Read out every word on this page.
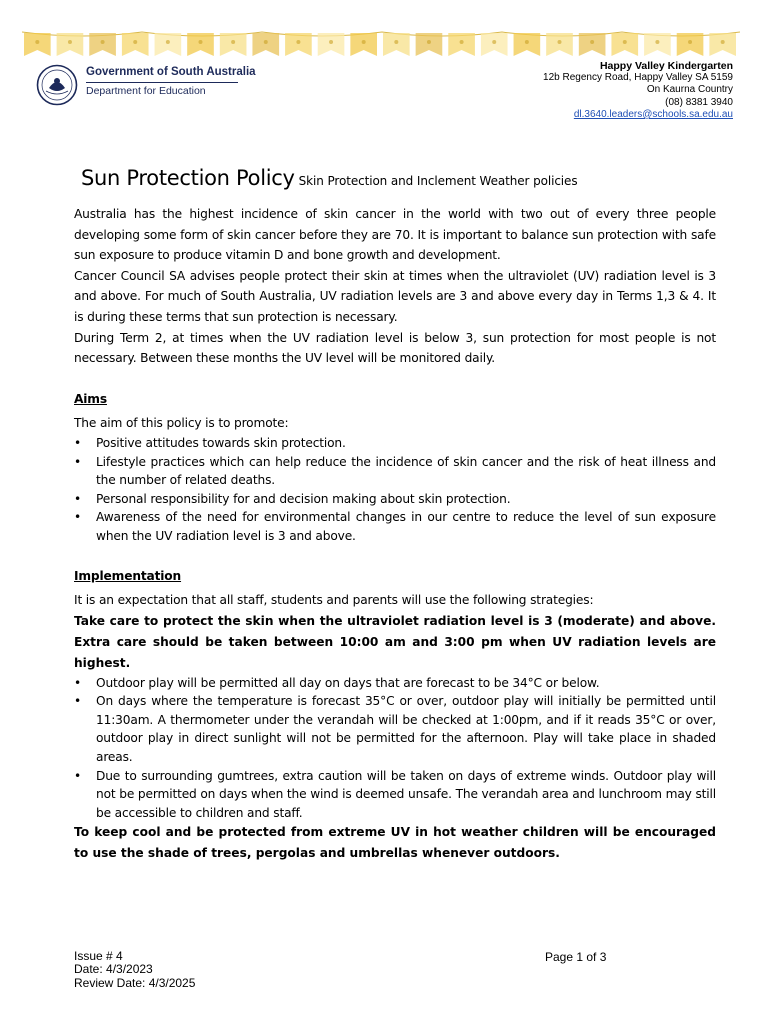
Government of South Australia
Department for Education
Happy Valley Kindergarten
12b Regency Road, Happy Valley SA 5159
On Kaurna Country
(08) 8381 3940
dl.3640.leaders@schools.sa.edu.au
Sun Protection Policy Skin Protection and Inclement Weather policies

Australia has the highest incidence of skin cancer in the world with two out of every three people developing some form of skin cancer before they are 70. It is important to balance sun protection with safe sun exposure to produce vitamin D and bone growth and development.

Cancer Council SA advises people protect their skin at times when the ultraviolet (UV) radiation level is 3 and above. For much of South Australia, UV radiation levels are 3 and above every day in Terms 1,3 & 4. It is during these terms that sun protection is necessary.

During Term 2, at times when the UV radiation level is below 3, sun protection for most people is not necessary. Between these months the UV level will be monitored daily.

Aims

The aim of this policy is to promote:

• Positive attitudes towards skin protection.
• Lifestyle practices which can help reduce the incidence of skin cancer and the risk of heat illness and the number of related deaths.
• Personal responsibility for and decision making about skin protection.
• Awareness of the need for environmental changes in our centre to reduce the level of sun exposure when the UV radiation level is 3 and above.
Implementation

It is an expectation that all staff, students and parents will use the following strategies:

Take care to protect the skin when the ultraviolet radiation level is 3 (moderate) and above. Extra care should be taken between 10:00 am and 3:00 pm when UV radiation levels are highest.

• Outdoor play will be permitted all day on days that are forecast to be 34°C or below.
• On days where the temperature is forecast 35°C or over, outdoor play will initially be permitted until 11:30am. A thermometer under the verandah will be checked at 1:00pm, and if it reads 35°C or over, outdoor play in direct sunlight will not be permitted for the afternoon. Play will take place in shaded areas.
• Due to surrounding gumtrees, extra caution will be taken on days of extreme winds. Outdoor play will not be permitted on days when the wind is deemed unsafe. The verandah area and lunchroom may still be accessible to children and staff.

To keep cool and be protected from extreme UV in hot weather children will be encouraged to use the shade of trees, pergolas and umbrellas whenever outdoors.

Issue # 4
Date: 4/3/2023
Review Date: 4/3/2025
Page 1 of 3
